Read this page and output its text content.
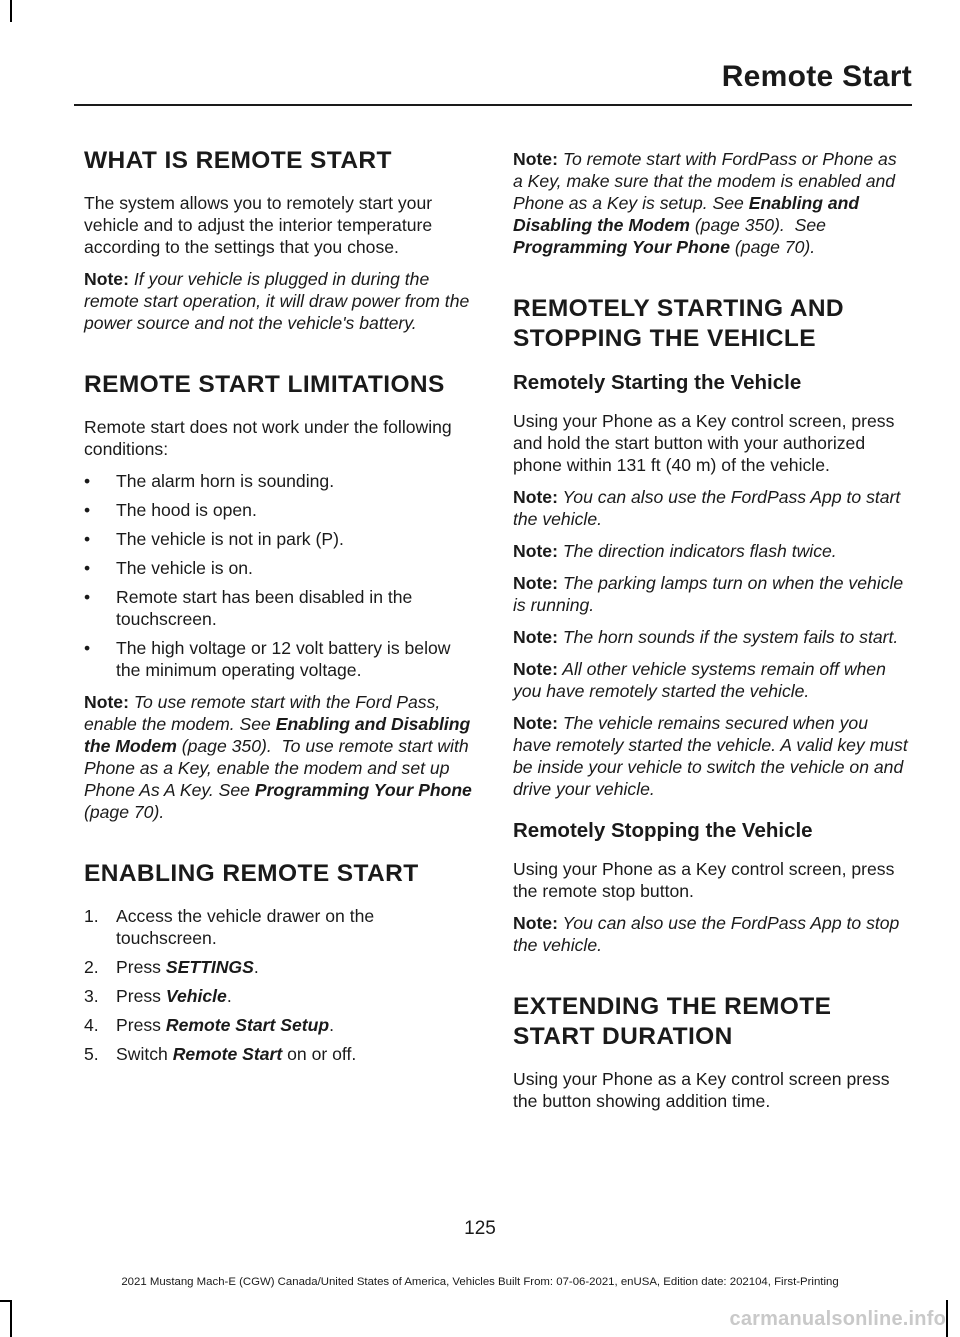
Remote Start
WHAT IS REMOTE START

The system allows you to remotely start your vehicle and to adjust the interior temperature according to the settings that you chose.

Note: If your vehicle is plugged in during the remote start operation, it will draw power from the power source and not the vehicle's battery.

REMOTE START LIMITATIONS

Remote start does not work under the following conditions:

• The alarm horn is sounding.
• The hood is open.
• The vehicle is not in park (P).
• The vehicle is on.
• Remote start has been disabled in the touchscreen.
• The high voltage or 12 volt battery is below the minimum operating voltage.

Note: To use remote start with the Ford Pass, enable the modem. See Enabling and Disabling the Modem (page 350). To use remote start with Phone as a Key, enable the modem and set up Phone As A Key. See Programming Your Phone (page 70).

ENABLING REMOTE START
1. Access the vehicle drawer on the touchscreen.
2. Press SETTINGS.
3. Press Vehicle.
4. Press Remote Start Setup.
5. Switch Remote Start on or off.

Note: To remote start with FordPass or Phone as a Key, make sure that the modem is enabled and Phone as a Key is setup. See Enabling and Disabling the Modem (page 350). See Programming Your Phone (page 70).

REMOTELY STARTING AND STOPPING THE VEHICLE
Remotely Starting the Vehicle

Using your Phone as a Key control screen, press and hold the start button with your authorized phone within 131 ft (40 m) of the vehicle.

Note: You can also use the FordPass App to start the vehicle.

Note: The direction indicators flash twice.

Note: The parking lamps turn on when the vehicle is running.

Note: The horn sounds if the system fails to start.

Note: All other vehicle systems remain off when you have remotely started the vehicle.

Note: The vehicle remains secured when you have remotely started the vehicle. A valid key must be inside your vehicle to switch the vehicle on and drive your vehicle.

Remotely Stopping the Vehicle

Using your Phone as a Key control screen, press the remote stop button.

Note: You can also use the FordPass App to stop the vehicle.

EXTENDING THE REMOTE START DURATION

Using your Phone as a Key control screen press the button showing addition time.

125
2021 Mustang Mach-E (CGW) Canada/United States of America, Vehicles Built From: 07-06-2021, enUSA, Edition date: 202104, First-Printing
carmanualsonline.info
